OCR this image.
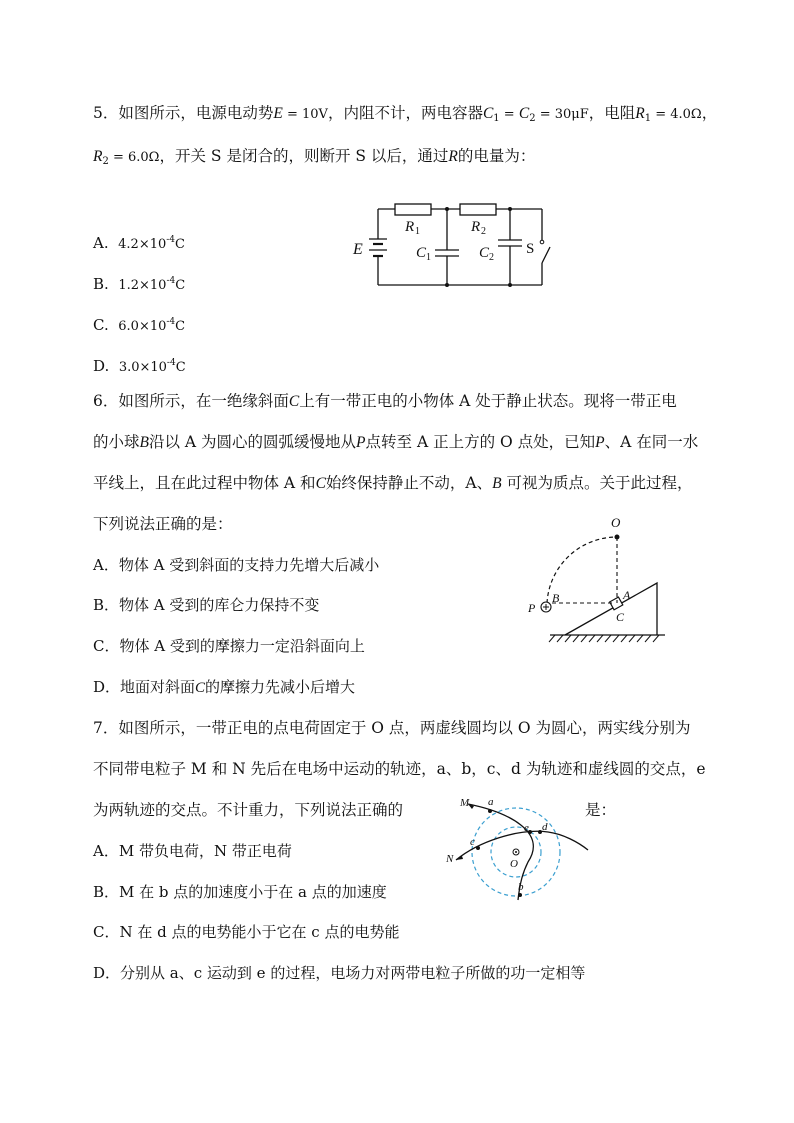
5．如图所示，电源电动势E = 10V，内阻不计，两电容器$C_1 = C_2 = 30\mu F$，电阻$R_1 = 4.0\Omega$，
$R_2 = 6.0\Omega$，开关 S 是闭合的，则断开 S 以后，通过R的电量为：
A. $4.2\times 10^{-4}C$
B. $1.2\times 10^{-4}C$
C. $6.0\times 10^{-4}C$
D. $3.0\times 10^{-4}C$
E
R 1	R 2
C 1	C 2
S
6．如图所示，在一绝缘斜面C上有一带正电的小物体 A 处于静止状态。现将一带正电
的小球B沿以 A 为圆心的圆弧缓慢地从P点转至 A 正上方的 O 点处，已知P、A 在同一水
平线上，且在此过程中物体 A 和C始终保持静止不动，A、B 可视为质点。关于此过程，
下列说法正确的是：
A．物体 A 受到斜面的支持力先增大后减小
B．物体 A 受到的库仑力保持不变
C．物体 A 受到的摩擦力一定沿斜面向上
D．地面对斜面C的摩擦力先减小后增大
O
B
P
A
C
7．如图所示，一带正电的点电荷固定于 O 点，两虚线圆均以 O 为圆心，两实线分别为
不同带电粒子 M 和 N 先后在电场中运动的轨迹，a、b，c、d 为轨迹和虚线圆的交点，e
为两轨迹的交点。不计重力，下列说法正确的	是：
A．M 带负电荷，N 带正电荷
B．M 在 b 点的加速度小于在 a 点的加速度
C．N 在 d 点的电势能小于它在 c 点的电势能
D．分别从 a、c 运动到 e 的过程，电场力对两带电粒子所做的功一定相等
M
N
a
b
c
d
e
O
